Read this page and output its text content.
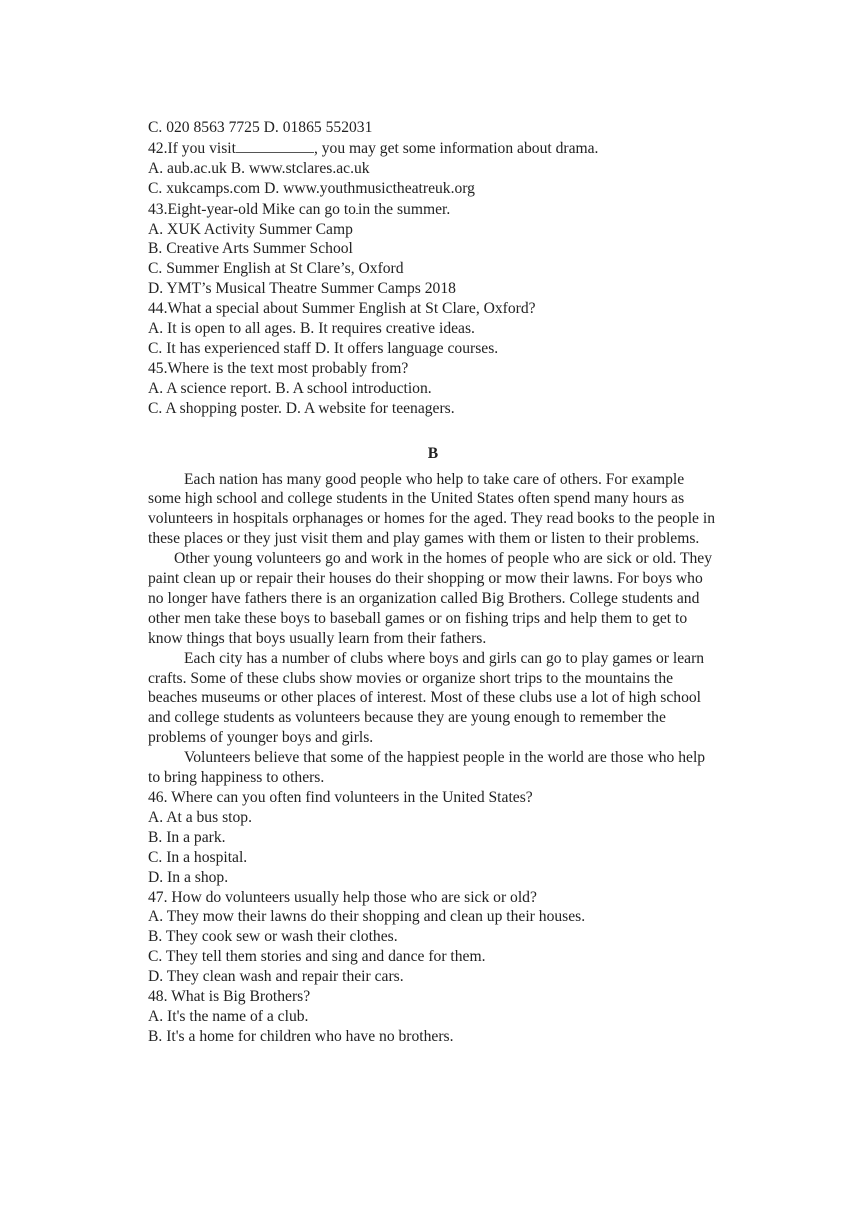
C. 020 8563 7725 D. 01865 552031
42.If you visit	, you may get some information about drama.
A. aub.ac.uk B. www.stclares.ac.uk
C. xukcamps.com D. www.youthmusictheatreuk.org
43.Eight-year-old Mike can go to in the summer.
A. XUK Activity Summer Camp
B. Creative Arts Summer School
C. Summer English at St Clare’s, Oxford
D. YMT’s Musical Theatre Summer Camps 2018
44.What a special about Summer English at St Clare, Oxford?
A. It is open to all ages. B. It requires creative ideas.
C. It has experienced staff D. It offers language courses.
45.Where is the text most probably from?
A. A science report. B. A school introduction.
C. A shopping poster. D. A website for teenagers.
B
Each nation has many good people who help to take care of others. For example some high school and college students in the United States often spend many hours as volunteers in hospitals orphanages or homes for the aged. They read books to the people in these places or they just visit them and play games with them or listen to their problems.
Other young volunteers go and work in the homes of people who are sick or old. They paint clean up or repair their houses do their shopping or mow their lawns. For boys who no longer have fathers there is an organization called Big Brothers. College students and other men take these boys to baseball games or on fishing trips and help them to get to know things that boys usually learn from their fathers.
Each city has a number of clubs where boys and girls can go to play games or learn crafts. Some of these clubs show movies or organize short trips to the mountains the beaches museums or other places of interest. Most of these clubs use a lot of high school and college students as volunteers because they are young enough to remember the problems of younger boys and girls.
Volunteers believe that some of the happiest people in the world are those who help to bring happiness to others.
46. Where can you often find volunteers in the United States?
A. At a bus stop.
B. In a park.
C. In a hospital.
D. In a shop.
47. How do volunteers usually help those who are sick or old?
A. They mow their lawns do their shopping and clean up their houses.
B. They cook sew or wash their clothes.
C. They tell them stories and sing and dance for them.
D. They clean wash and repair their cars.
48. What is Big Brothers?
A. It's the name of a club.
B. It's a home for children who have no brothers.
